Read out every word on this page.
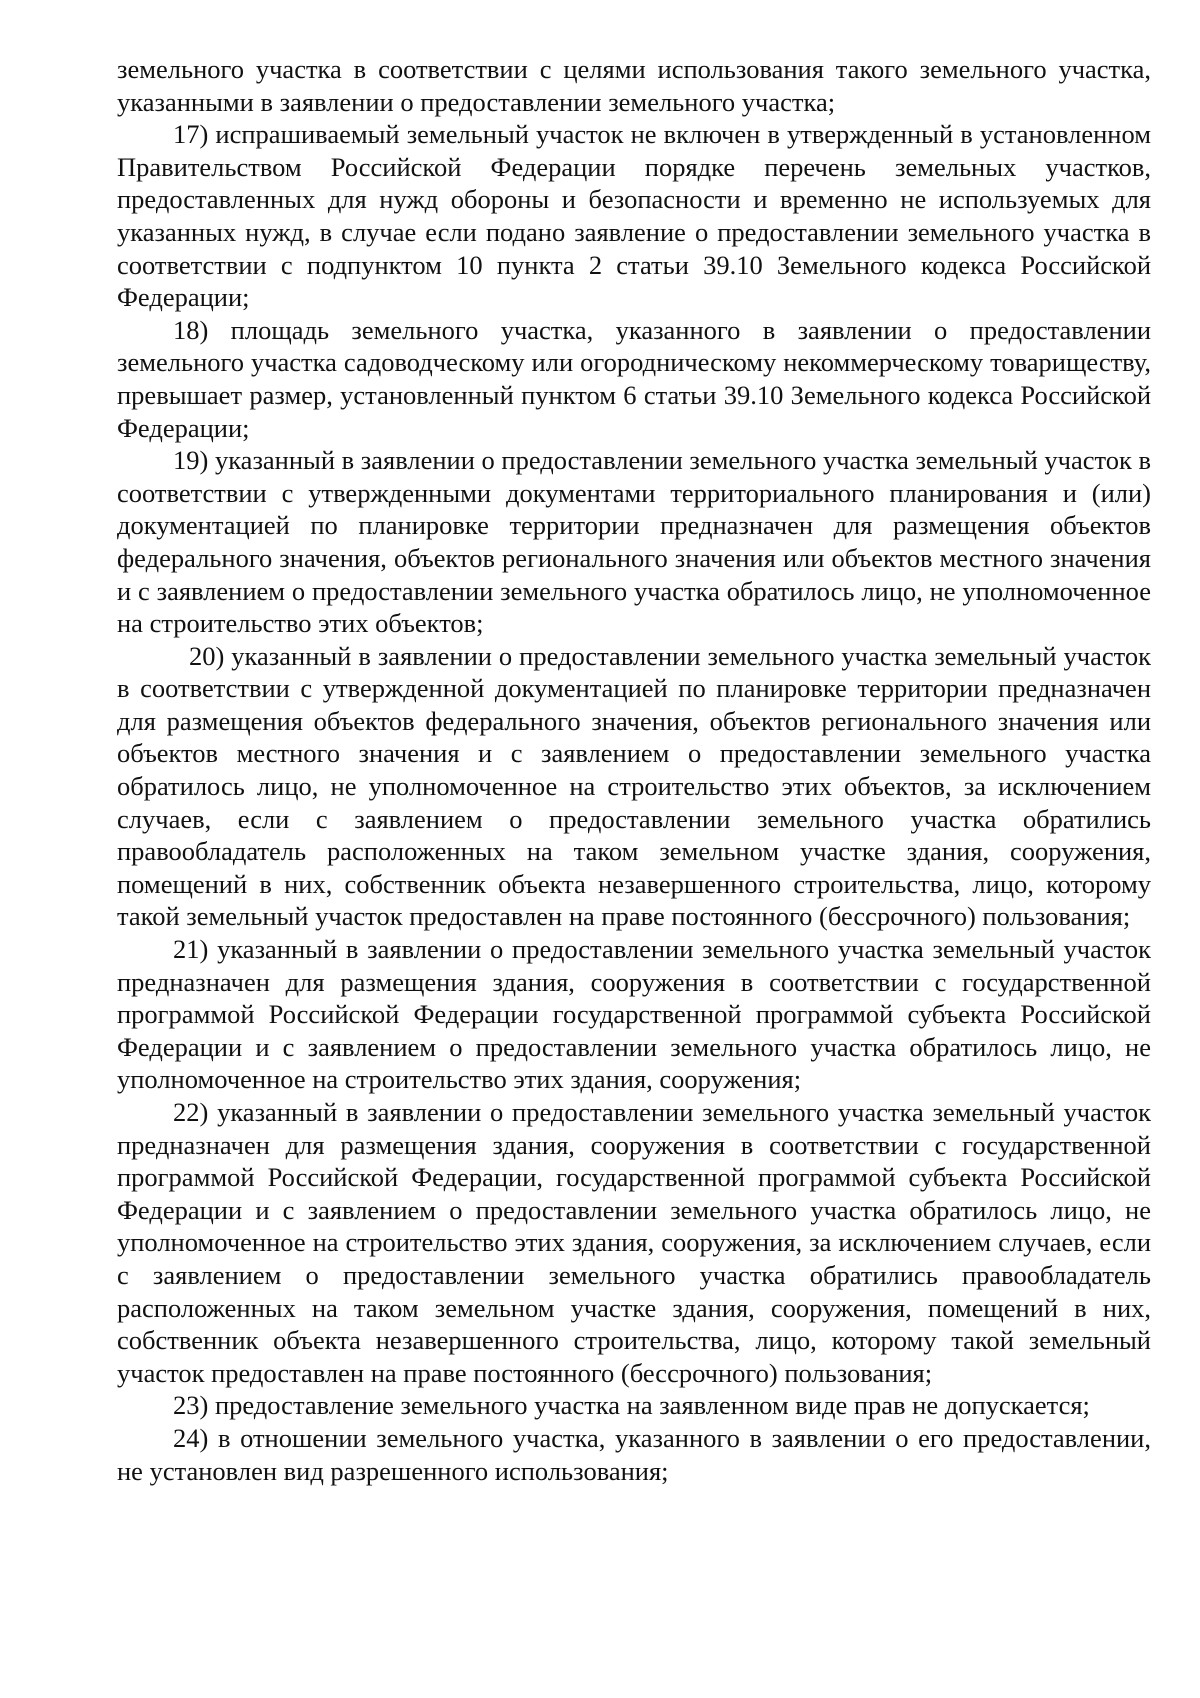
земельного участка в соответствии с целями использования такого земельного участка, указанными в заявлении о предоставлении земельного участка;

17) испрашиваемый земельный участок не включен в утвержденный в установленном Правительством Российской Федерации порядке перечень земельных участков, предоставленных для нужд обороны и безопасности и временно не используемых для указанных нужд, в случае если подано заявление о предоставлении земельного участка в соответствии с подпунктом 10 пункта 2 статьи 39.10 Земельного кодекса Российской Федерации;

18) площадь земельного участка, указанного в заявлении о предоставлении земельного участка садоводческому или огородническому некоммерческому товариществу, превышает размер, установленный пунктом 6 статьи 39.10 Земельного кодекса Российской Федерации;

19) указанный в заявлении о предоставлении земельного участка земельный участок в соответствии с утвержденными документами территориального планирования и (или) документацией по планировке территории предназначен для размещения объектов федерального значения, объектов регионального значения или объектов местного значения и с заявлением о предоставлении земельного участка обратилось лицо, не уполномоченное на строительство этих объектов;

20) указанный в заявлении о предоставлении земельного участка земельный участок в соответствии с утвержденной документацией по планировке территории предназначен для размещения объектов федерального значения, объектов регионального значения или объектов местного значения и с заявлением о предоставлении земельного участка обратилось лицо, не уполномоченное на строительство этих объектов, за исключением случаев, если с заявлением о предоставлении земельного участка обратились правообладатель расположенных на таком земельном участке здания, сооружения, помещений в них, собственник объекта незавершенного строительства, лицо, которому такой земельный участок предоставлен на праве постоянного (бессрочного) пользования;

21) указанный в заявлении о предоставлении земельного участка земельный участок предназначен для размещения здания, сооружения в соответствии с государственной программой Российской Федерации государственной программой субъекта Российской Федерации и с заявлением о предоставлении земельного участка обратилось лицо, не уполномоченное на строительство этих здания, сооружения;

22) указанный в заявлении о предоставлении земельного участка земельный участок предназначен для размещения здания, сооружения в соответствии с государственной программой Российской Федерации, государственной программой субъекта Российской Федерации и с заявлением о предоставлении земельного участка обратилось лицо, не уполномоченное на строительство этих здания, сооружения, за исключением случаев, если с заявлением о предоставлении земельного участка обратились правообладатель расположенных на таком земельном участке здания, сооружения, помещений в них, собственник объекта незавершенного строительства, лицо, которому такой земельный участок предоставлен на праве постоянного (бессрочного) пользования;

23) предоставление земельного участка на заявленном виде прав не допускается;

24) в отношении земельного участка, указанного в заявлении о его предоставлении, не установлен вид разрешенного использования;
